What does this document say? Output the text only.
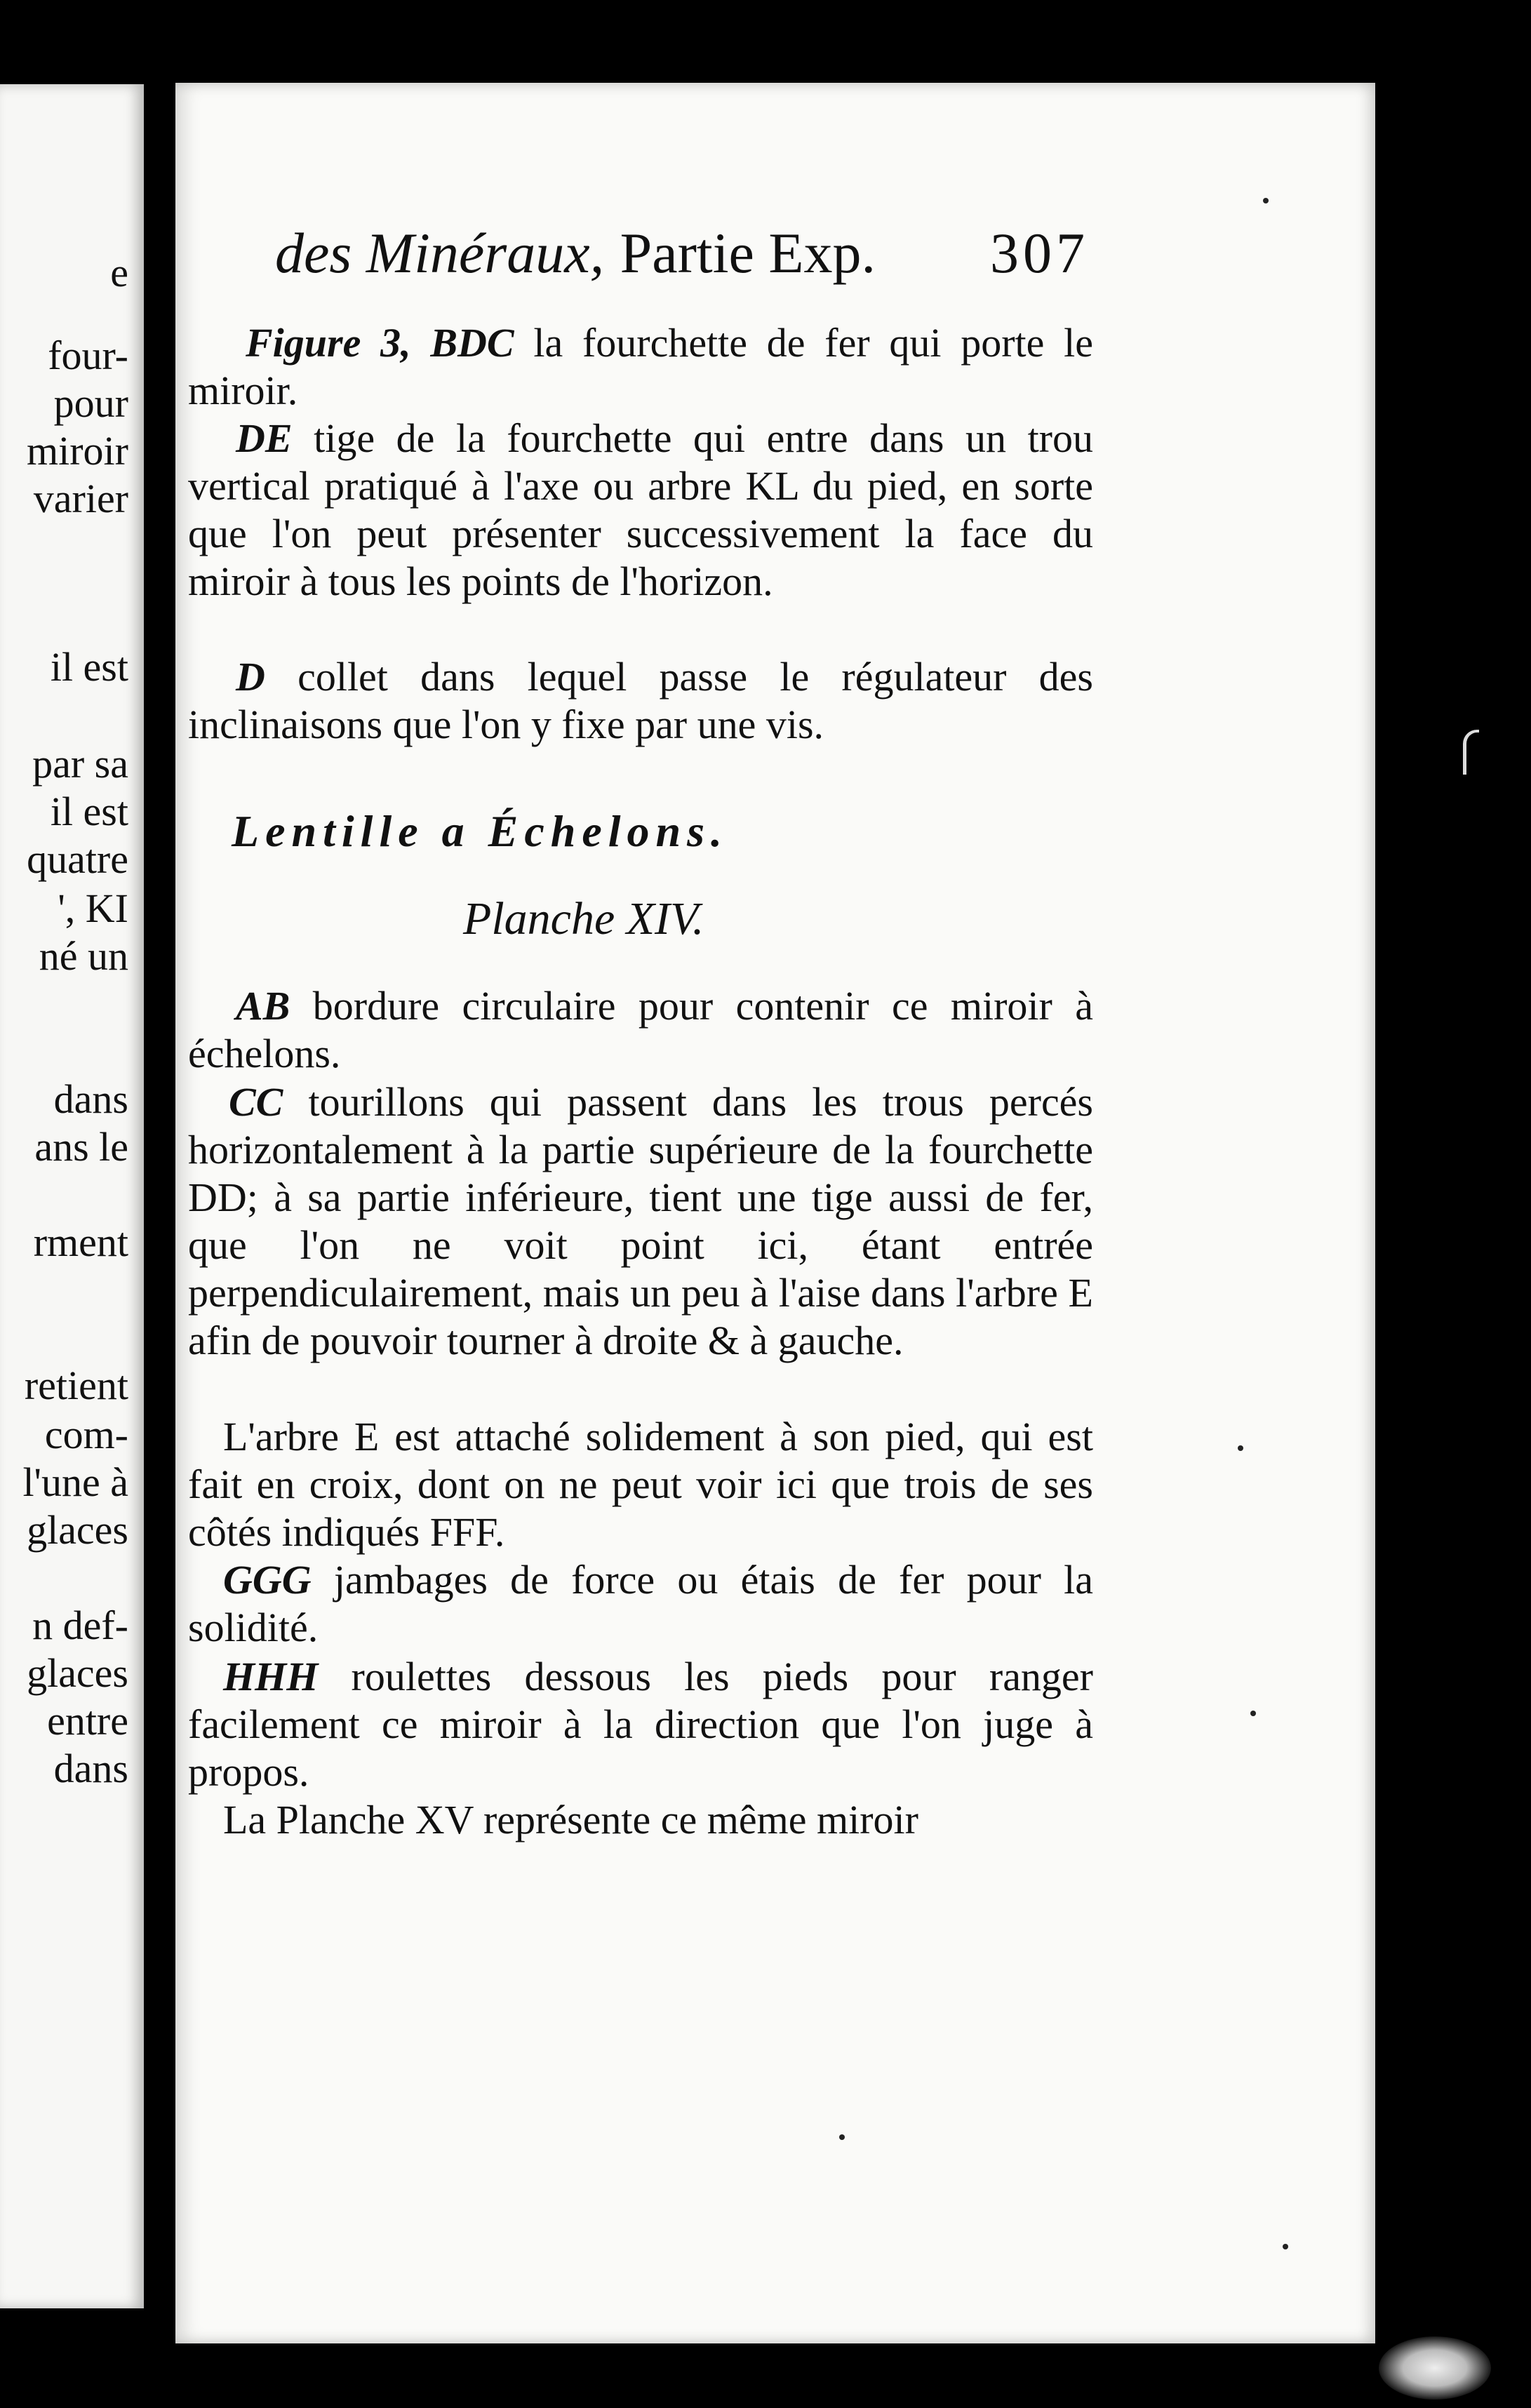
e
four-
pour
miroir
varier
il est
par sa
il est
quatre
', KI
né un
dans
ans le
rment
retient
com-
l'une à
glaces
n def-
glaces
entre
dans
des Minéraux, Partie Exp. 307
Figure 3, BDC la fourchette de fer qui porte le miroir.
DE tige de la fourchette qui entre dans un trou vertical pratiqué à l'axe ou arbre KL du pied, en sorte que l'on peut présenter successivement la face du miroir à tous les points de l'horizon.
D collet dans lequel passe le régulateur des inclinaisons que l'on y fixe par une vis.
Lentille a Échelons.
Planche XIV.
AB bordure circulaire pour contenir ce miroir à échelons.
CC tourillons qui passent dans les trous percés horizontalement à la partie supérieure de la fourchette DD; à sa partie inférieure, tient une tige aussi de fer, que l'on ne voit point ici, étant entrée perpendiculairement, mais un peu à l'aise dans l'arbre E afin de pouvoir tourner à droite & à gauche.
L'arbre E est attaché solidement à son pied, qui est fait en croix, dont on ne peut voir ici que trois de ses côtés indiqués FFF.
GGG jambages de force ou étais de fer pour la solidité.
HHH roulettes dessous les pieds pour ranger facilement ce miroir à la direction que l'on juge à propos.
La Planche XV représente ce même miroir
